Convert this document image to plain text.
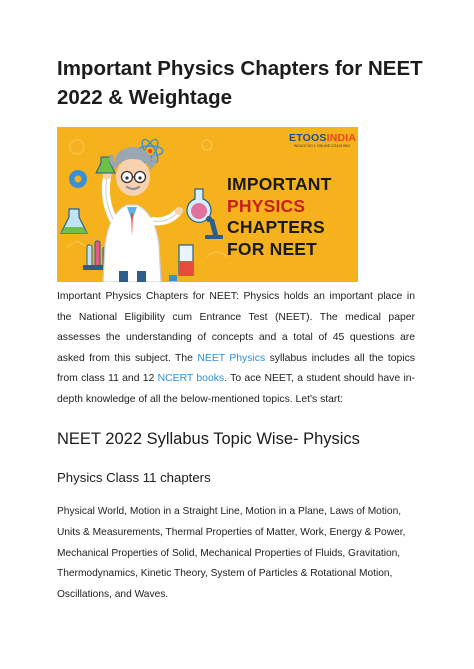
Important Physics Chapters for NEET 2022 & Weightage
ETOOSINDIA
INDIA'S NO.1 ONLINE COACHING
IMPORTANT
PHYSICS
CHAPTERS
FOR NEET

Important Physics Chapters for NEET: Physics holds an important place in the National Eligibility cum Entrance Test (NEET). The medical paper assesses the understanding of concepts and a total of 45 questions are asked from this subject. The NEET Physics syllabus includes all the topics from class 11 and 12 NCERT books. To ace NEET, a student should have in-depth knowledge of all the below-mentioned topics. Let's start:

NEET 2022 Syllabus Topic Wise- Physics
Physics Class 11 chapters

Physical World, Motion in a Straight Line, Motion in a Plane, Laws of Motion, Units & Measurements, Thermal Properties of Matter, Work, Energy & Power, Mechanical Properties of Solid, Mechanical Properties of Fluids, Gravitation, Thermodynamics, Kinetic Theory, System of Particles & Rotational Motion, Oscillations, and Waves.
